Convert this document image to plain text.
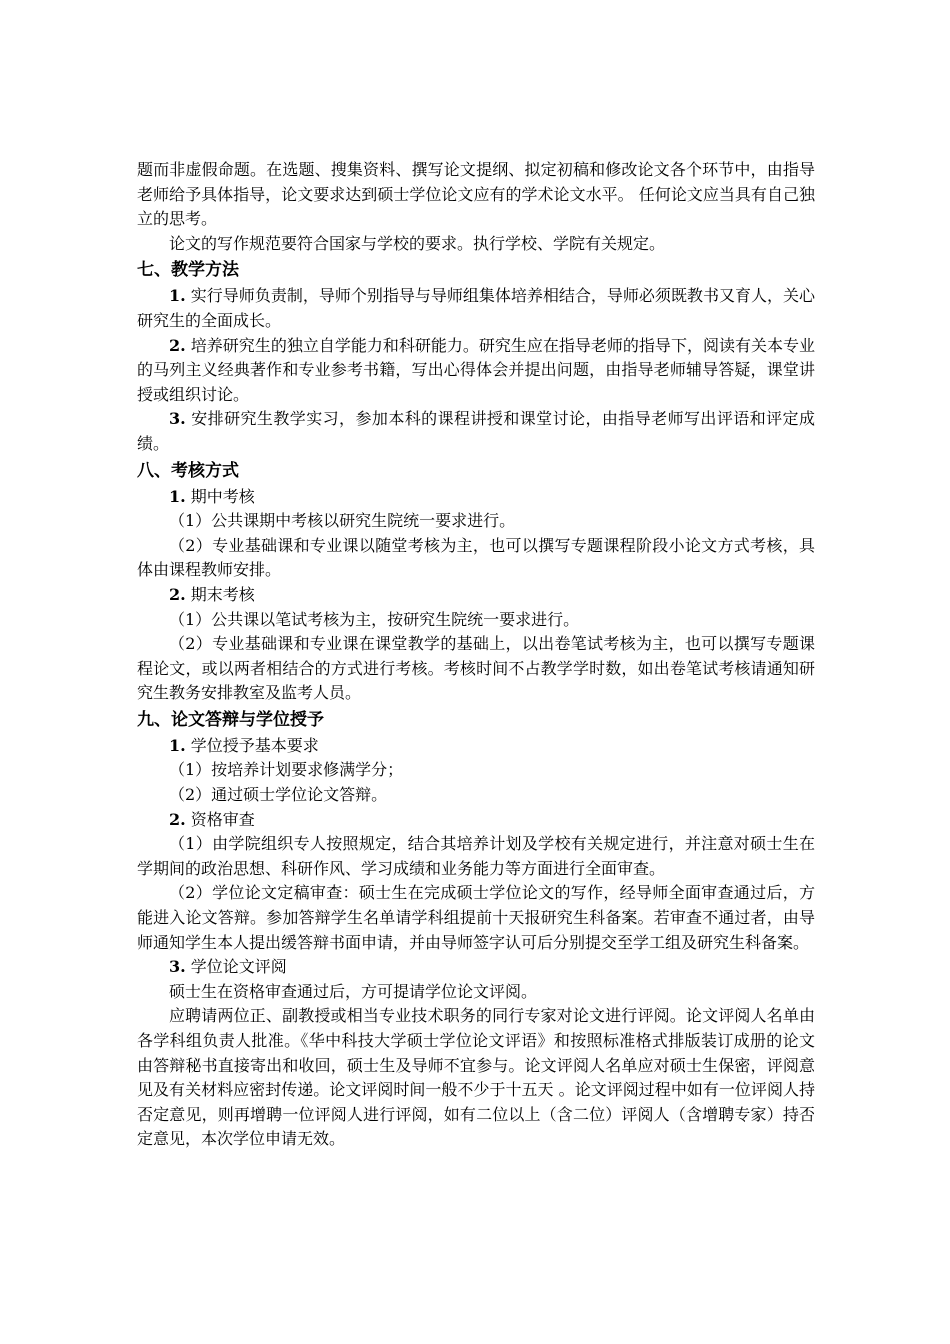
题而非虚假命题。在选题、搜集资料、撰写论文提纲、拟定初稿和修改论文各个环节中，由指导老师给予具体指导，论文要求达到硕士学位论文应有的学术论文水平。 任何论文应当具有自己独立的思考。

论文的写作规范要符合国家与学校的要求。执行学校、学院有关规定。

七、教学方法

1. 实行导师负责制，导师个别指导与导师组集体培养相结合，导师必须既教书又育人，关心研究生的全面成长。

2. 培养研究生的独立自学能力和科研能力。研究生应在指导老师的指导下，阅读有关本专业的马列主义经典著作和专业参考书籍，写出心得体会并提出问题，由指导老师辅导答疑，课堂讲授或组织讨论。

3. 安排研究生教学实习，参加本科的课程讲授和课堂讨论，由指导老师写出评语和评定成绩。

八、考核方式

1. 期中考核

（1）公共课期中考核以研究生院统一要求进行。

（2）专业基础课和专业课以随堂考核为主，也可以撰写专题课程阶段小论文方式考核，具体由课程教师安排。

2. 期末考核

（1）公共课以笔试考核为主，按研究生院统一要求进行。

（2）专业基础课和专业课在课堂教学的基础上，以出卷笔试考核为主，也可以撰写专题课程论文，或以两者相结合的方式进行考核。考核时间不占教学学时数，如出卷笔试考核请通知研究生教务安排教室及监考人员。

九、论文答辩与学位授予

1. 学位授予基本要求

（1）按培养计划要求修满学分；

（2）通过硕士学位论文答辩。

2. 资格审查

（1）由学院组织专人按照规定，结合其培养计划及学校有关规定进行，并注意对硕士生在学期间的政治思想、科研作风、学习成绩和业务能力等方面进行全面审查。

（2）学位论文定稿审查：硕士生在完成硕士学位论文的写作，经导师全面审查通过后，方能进入论文答辩。参加答辩学生名单请学科组提前十天报研究生科备案。若审查不通过者，由导师通知学生本人提出缓答辩书面申请，并由导师签字认可后分别提交至学工组及研究生科备案。

3. 学位论文评阅

硕士生在资格审查通过后，方可提请学位论文评阅。

应聘请两位正、副教授或相当专业技术职务的同行专家对论文进行评阅。论文评阅人名单由各学科组负责人批准。《华中科技大学硕士学位论文评语》和按照标准格式排版装订成册的论文由答辩秘书直接寄出和收回，硕士生及导师不宜参与。论文评阅人名单应对硕士生保密，评阅意见及有关材料应密封传递。论文评阅时间一般不少于十五天 。论文评阅过程中如有一位评阅人持否定意见，则再增聘一位评阅人进行评阅，如有二位以上（含二位）评阅人（含增聘专家）持否定意见，本次学位申请无效。
